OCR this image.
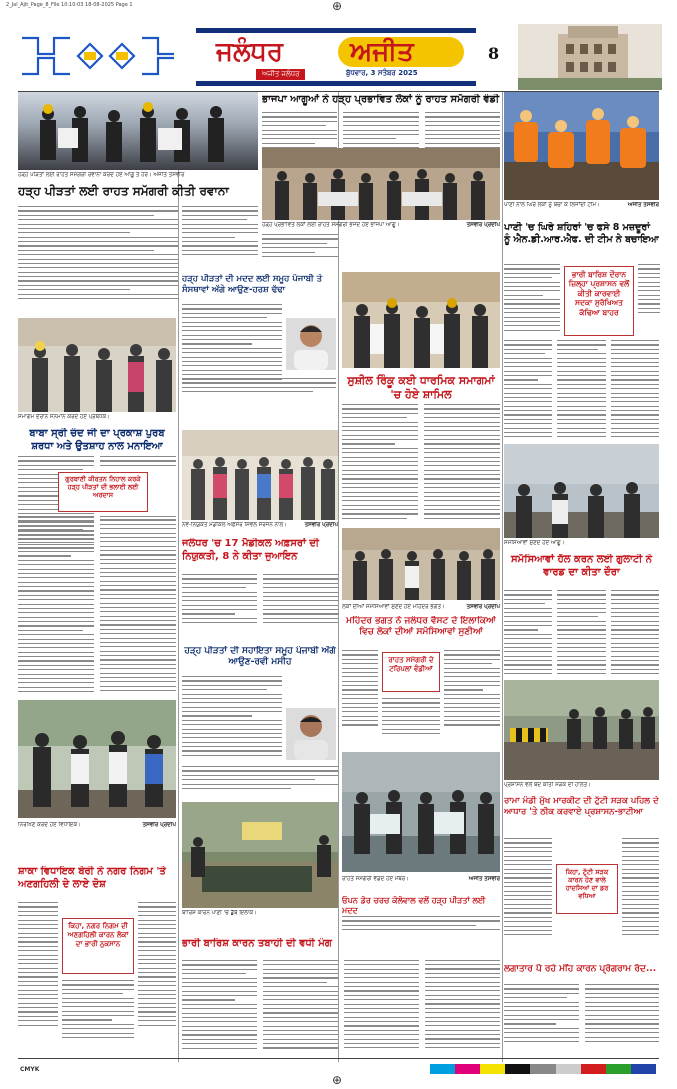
2_Jal_Ajit_Page_8_File 10:10:03 18-08-2025 Page 1	⊕
ਜਲੰਧਰ	ਅਜੀਤ
ਅਜੀਤ ਜਲੰਧਰ	ਬੁੱਧਵਾਰ, 3 ਸਤੰਬਰ 2025
8
ਹੜ੍ਹ ਪੀੜਤਾਂ ਲਈ ਰਾਹਤ ਸਮੱਗਰੀ ਰਵਾਨਾ ਕਰਦੇ ਹੋਏ ਆਗੂ ਤੇ ਹੋਰ। ਅਜੀਤ ਤਸਵੀਰ
ਹੜ੍ਹ ਪੀੜਤਾਂ ਲਈ ਰਾਹਤ ਸਮੱਗਰੀ ਕੀਤੀ ਰਵਾਨਾ
ਭਾਜਪਾ ਆਗੂਆਂ ਨੇ ਹੜ੍ਹ ਪ੍ਰਭਾਵਿਤ ਲੋਕਾਂ ਨੂੰ ਰਾਹਤ ਸਮੱਗਰੀ ਵੰਡੀ
ਹੜ੍ਹ ਪ੍ਰਭਾਵਿਤ ਲੋਕਾਂ ਲਈ ਰਾਹਤ ਸਮੱਗਰੀ ਭੇਜਦੇ ਹੋਏ ਭਾਜਪਾ ਆਗੂ।	ਤਸਵੀਰ ਪ੍ਰਦੀਪ
ਪਾਣੀ ਨਾਲ ਘਿਰੇ ਲੋਕਾਂ ਨੂੰ ਬਚਾ ਕੇ ਲਿਜਾਂਦੀ ਟੀਮ।	ਅਜੀਤ ਤਸਵੀਰ
ਪਾਣੀ 'ਚ ਘਿਰੇ ਸ਼ਹਿਰਾਂ 'ਚ ਫਸੇ 8 ਮਜ਼ਦੂਰਾਂ ਨੂੰ ਐਨ.ਡੀ.ਆਰ.ਐਫ. ਦੀ ਟੀਮ ਨੇ ਬਚਾਇਆ
ਭਾਰੀ ਬਾਰਿਸ਼ ਦੌਰਾਨ ਜ਼ਿਲ੍ਹਾ ਪ੍ਰਸ਼ਾਸਨ ਵਲੋਂ ਕੀਤੀ ਕਾਰਵਾਈ ਸਦਕਾ ਸੁਰੱਖਿਅਤ ਕੱਢਿਆ ਬਾਹਰ
ਹੜ੍ਹ ਪੀੜਤਾਂ ਦੀ ਮਦਦ ਲਈ ਸਮੂਹ ਪੰਜਾਬੀ ਤੇ ਸੰਸਥਾਵਾਂ ਅੱਗੇ ਆਉਣ-ਹਰਸ਼ ਢੱਢਾ
ਸੁਸ਼ੀਲ ਰਿੰਕੂ ਕਈ ਧਾਰਮਿਕ ਸਮਾਗਮਾਂ 'ਚ ਹੋਏ ਸ਼ਾਮਿਲ
ਸਮਾਗਮ ਦੌਰਾਨ ਸਨਮਾਨ ਕਰਦੇ ਹੋਏ ਪ੍ਰਬੰਧਕ।
ਬਾਬਾ ਸ੍ਰੀ ਚੰਦ ਜੀ ਦਾ ਪ੍ਰਕਾਸ਼ ਪੁਰਬ ਸ਼ਰਧਾ ਅਤੇ ਉਤਸ਼ਾਹ ਨਾਲ ਮਨਾਇਆ
ਗੁਰਬਾਣੀ ਕੀਰਤਨ ਨਿਹਾਲ ਕਰਕੇ ਹੜ੍ਹ ਪੀੜਤਾਂ ਦੀ ਭਲਾਈ ਲਈ ਅਰਦਾਸ
ਨਵ-ਨਿਯੁਕਤ ਮੈਡੀਕਲ ਅਫ਼ਸਰ ਸਿਵਲ ਸਰਜਨ ਨਾਲ।	ਤਸਵੀਰ ਪ੍ਰਦੀਪ
ਜਲੰਧਰ 'ਚ 17 ਮੈਡੀਕਲ ਅਫ਼ਸਰਾਂ ਦੀ ਨਿਯੁਕਤੀ, 8 ਨੇ ਕੀਤਾ ਜੁਆਇਨ
ਸਮੱਸਿਆਵਾਂ ਸੁਣਦੇ ਹੋਏ ਆਗੂ।
ਸਮੱਸਿਆਵਾਂ ਹੱਲ ਕਰਨ ਲਈ ਗੁਲਾਟੀ ਨੇ ਵਾਰਡ ਦਾ ਕੀਤਾ ਦੌਰਾ
ਲੋਕਾਂ ਦੀਆਂ ਸਮੱਸਿਆਵਾਂ ਸੁਣਦੇ ਹੋਏ ਮਹਿੰਦਰ ਭਗਤ।	ਤਸਵੀਰ ਪ੍ਰਦੀਪ
ਮਹਿੰਦਰ ਭਗਤ ਨੇ ਜਲੰਧਰ ਵੈਸਟ ਦੇ ਇਲਾਕਿਆਂ ਵਿਚ ਲੋਕਾਂ ਦੀਆਂ ਸਮੱਸਿਆਵਾਂ ਸੁਣੀਆਂ
ਰਾਹਤ ਸਮੱਗਰੀ ਦੇ ਟਰਿਪਲਾਂ ਵੰਡੀਆਂ
ਹੜ੍ਹ ਪੀੜਤਾਂ ਦੀ ਸਹਾਇਤਾ ਸਮੂਹ ਪੰਜਾਬੀ ਅੱਗੇ ਆਉਣ-ਰਵੀ ਮਸੀਹ
ਨਿਰੀਖਣ ਕਰਦੇ ਹੋਏ ਵਿਧਾਇਕ।	ਤਸਵੀਰ ਪ੍ਰਦੀਪ
ਸ਼ਾਕਾ ਵਿਧਾਇਕ ਬੇਰੀ ਨੇ ਨਗਰ ਨਿਗਮ 'ਤੇ ਅਣਗਹਿਲੀ ਦੇ ਲਾਏ ਦੋਸ਼
ਕਿਹਾ, ਨਗਰ ਨਿਗਮ ਦੀ ਅਣਗਹਿਲੀ ਕਾਰਨ ਲੋਕਾਂ ਦਾ ਭਾਰੀ ਨੁਕਸਾਨ
ਬਾਰਿਸ਼ ਕਾਰਨ ਪਾਣੀ 'ਚ ਡੁੱਬੇ ਇਲਾਕੇ।
ਭਾਰੀ ਬਾਰਿਸ਼ ਕਾਰਨ ਤਬਾਹੀ ਦੀ ਵਧੀ ਮੰਗ
ਰਾਹਤ ਸਮੱਗਰੀ ਵੰਡਦੇ ਹੋਏ ਮੈਂਬਰ।	ਅਜੀਤ ਤਸਵੀਰ
ਓਪਨ ਡੋਰ ਚਰਚ ਕੋਲੋਵਾਲ ਵਲੋਂ ਹੜ੍ਹ ਪੀੜਤਾਂ ਲਈ ਮਦਦ
ਪ੍ਰਸ਼ਾਸਨ ਵਲੋਂ ਬੰਦ ਕੀਤੀ ਸੜਕ ਦੀ ਹਾਲਤ।
ਰਾਮਾ ਮੰਡੀ ਮੁੱਖ ਮਾਰਕੀਟ ਦੀ ਟੁੱਟੀ ਸੜਕ ਪਹਿਲ ਦੇ ਆਧਾਰ 'ਤੇ ਠੀਕ ਕਰਵਾਏ ਪ੍ਰਸ਼ਾਸਨ-ਭਾਟੀਆ
ਕਿਹਾ, ਟੁੱਟੀ ਸੜਕ ਕਾਰਨ ਹੋਣ ਵਾਲੇ ਹਾਦਸਿਆਂ ਦਾ ਡਰ ਵਧਿਆ
ਲਗਾਤਾਰ ਪੈ ਰਹੇ ਮੀਂਹ ਕਾਰਨ ਪ੍ਰੋਗਰਾਮ ਰੱਦ...
CMYK
⊕
